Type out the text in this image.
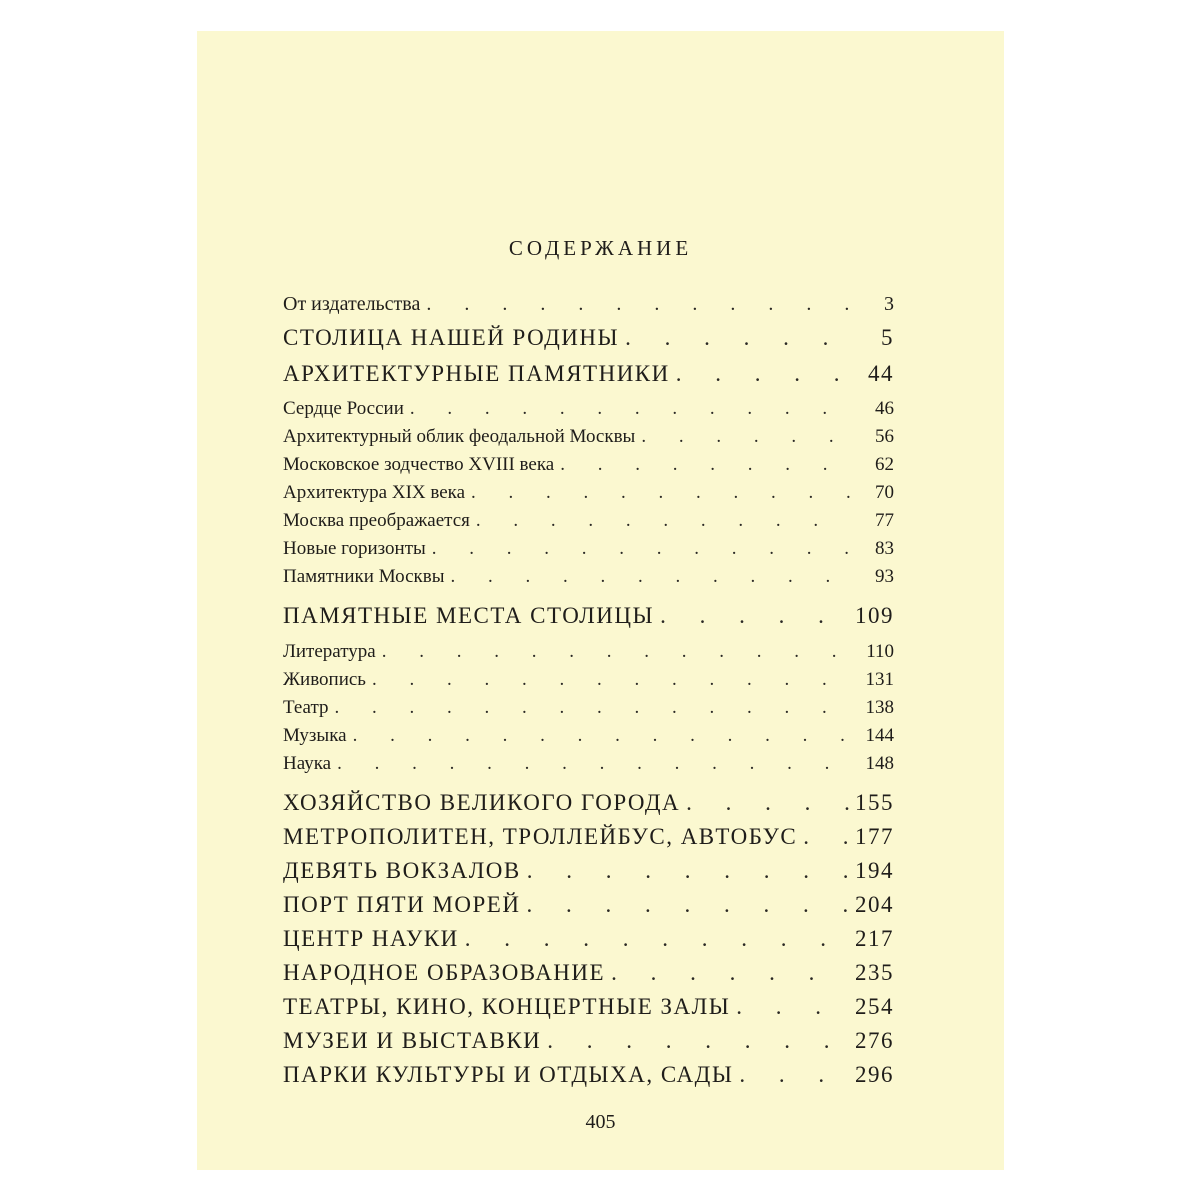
СОДЕРЖАНИЕ
От издательства . . .	3
СТОЛИЦА НАШЕЙ РОДИНЫ . . .	5
АРХИТЕКТУРНЫЕ ПАМЯТНИКИ . . .	44
Сердце России . . .	46
Архитектурный облик феодальной Москвы . . .	56
Московское зодчество XVIII века . . .	62
Архитектура XIX века . . .	70
Москва преображается . . .	77
Новые горизонты . . .	83
Памятники Москвы . . .	93
ПАМЯТНЫЕ МЕСТА СТОЛИЦЫ . . .	109
Литература . . .	110
Живопись . . .	131
Театр . . .	138
Музыка . . .	144
Наука . . .	148
ХОЗЯЙСТВО ВЕЛИКОГО ГОРОДА . . .	155
МЕТРОПОЛИТЕН, ТРОЛЛЕЙБУС, АВТОБУС . . .	177
ДЕВЯТЬ ВОКЗАЛОВ . . .	194
ПОРТ ПЯТИ МОРЕЙ . . .	204
ЦЕНТР НАУКИ . . .	217
НАРОДНОЕ ОБРАЗОВАНИЕ . . .	235
ТЕАТРЫ, КИНО, КОНЦЕРТНЫЕ ЗАЛЫ . . .	254
МУЗЕИ И ВЫСТАВКИ . . .	276
ПАРКИ КУЛЬТУРЫ И ОТДЫХА, САДЫ . . .	296
405
